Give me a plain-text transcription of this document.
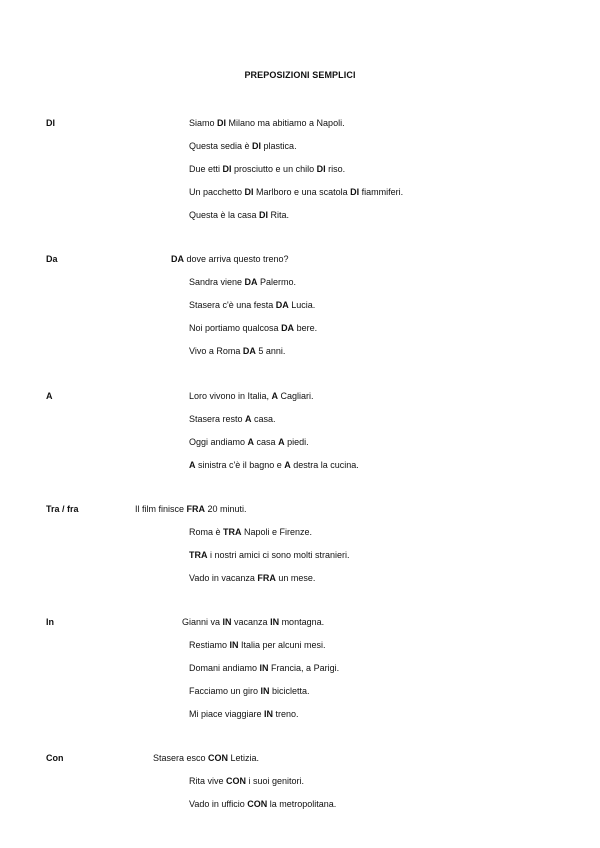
PREPOSIZIONI SEMPLICI
DI	Siamo DI Milano ma abitiamo a Napoli.
Questa sedia è DI plastica.
Due etti DI prosciutto e un chilo DI riso.
Un pacchetto DI Marlboro e una scatola DI fiammiferi.
Questa è la casa DI Rita.
Da	DA dove arriva questo treno?
Sandra viene DA Palermo.
Stasera c'è una festa DA Lucia.
Noi portiamo qualcosa DA bere.
Vivo a Roma DA 5 anni.
A	Loro vivono in Italia, A Cagliari.
Stasera resto A casa.
Oggi andiamo A casa A piedi.
A sinistra c'è il bagno e A destra la cucina.
Tra / fra	Il film finisce FRA 20 minuti.
Roma è TRA Napoli e Firenze.
TRA i nostri amici ci sono molti stranieri.
Vado in vacanza FRA un mese.
In	Gianni va IN vacanza IN montagna.
Restiamo IN Italia per alcuni mesi.
Domani andiamo IN Francia, a Parigi.
Facciamo un giro IN bicicletta.
Mi piace viaggiare IN treno.
Con	Stasera esco CON Letizia.
Rita vive CON i suoi genitori.
Vado in ufficio CON la metropolitana.
